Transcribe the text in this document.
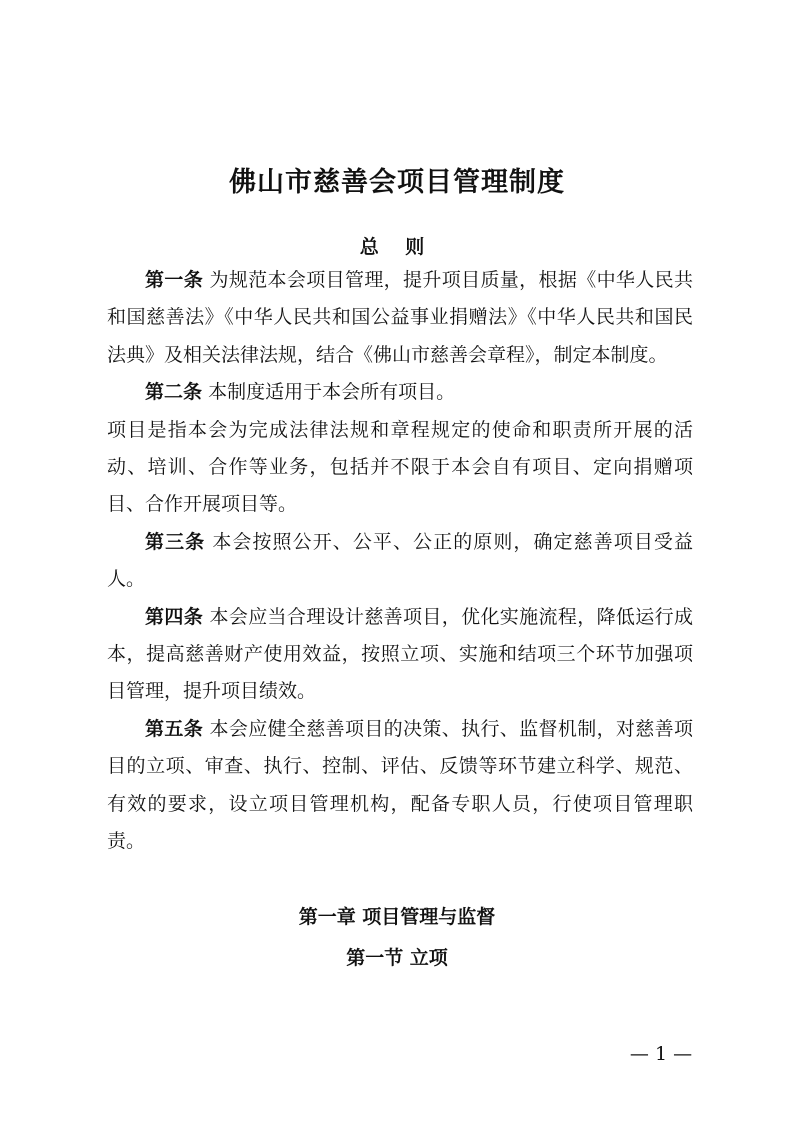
佛山市慈善会项目管理制度
总 则

第一条 为规范本会项目管理，提升项目质量，根据《中华人民共和国慈善法》《中华人民共和国公益事业捐赠法》《中华人民共和国民法典》及相关法律法规，结合《佛山市慈善会章程》，制定本制度。

第二条 本制度适用于本会所有项目。

项目是指本会为完成法律法规和章程规定的使命和职责所开展的活动、培训、合作等业务，包括并不限于本会自有项目、定向捐赠项目、合作开展项目等。

第三条 本会按照公开、公平、公正的原则，确定慈善项目受益人。

第四条 本会应当合理设计慈善项目，优化实施流程，降低运行成本，提高慈善财产使用效益，按照立项、实施和结项三个环节加强项目管理，提升项目绩效。

第五条 本会应健全慈善项目的决策、执行、监督机制，对慈善项目的立项、审查、执行、控制、评估、反馈等环节建立科学、规范、有效的要求，设立项目管理机构，配备专职人员，行使项目管理职责。

第一章 项目管理与监督
第一节 立项
— 1 —
